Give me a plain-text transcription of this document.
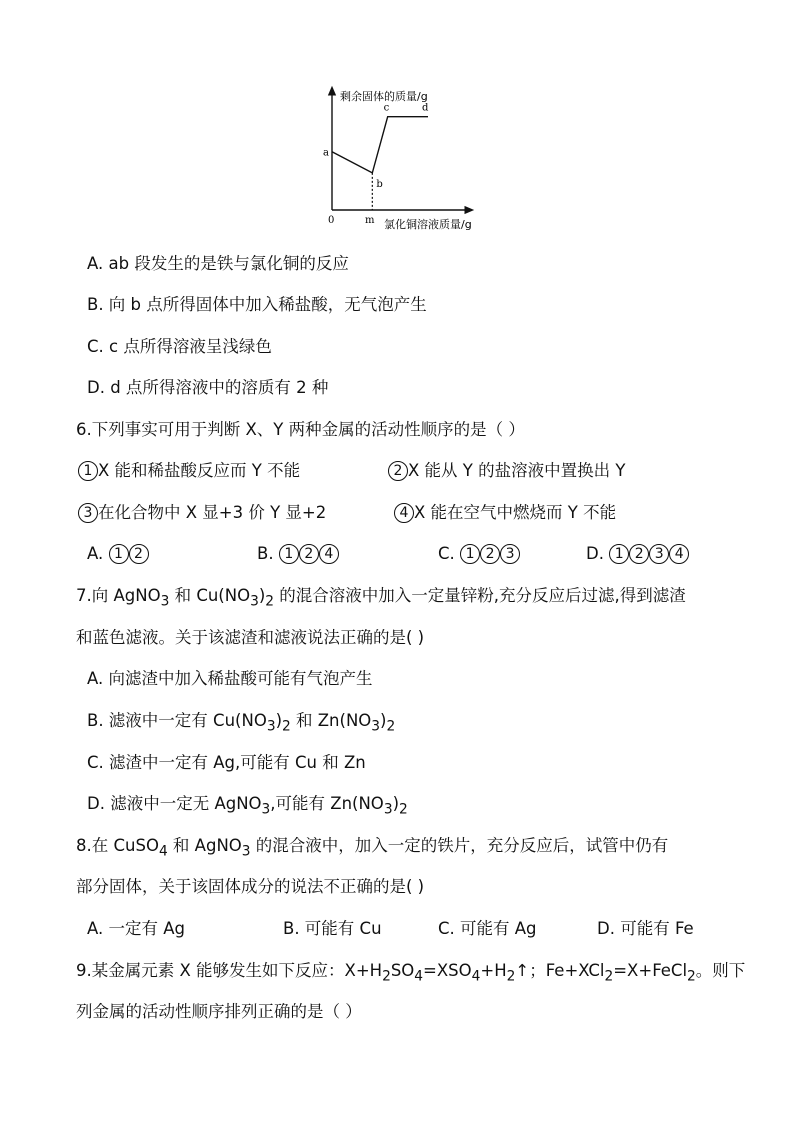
剩余固体的质量/g
氯化铜溶液质量/g
0	m
a
b
c	d
A. ab 段发生的是铁与氯化铜的反应
B. 向 b 点所得固体中加入稀盐酸，无气泡产生
C. c 点所得溶液呈浅绿色
D. d 点所得溶液中的溶质有 2 种
6.下列事实可用于判断 X、Y 两种金属的活动性顺序的是（ ）
1 X 能和稀盐酸反应而 Y 不能	2 X 能从 Y 的盐溶液中置换出 Y
3 在化合物中 X 显+3 价 Y 显+2	4 X 能在空气中燃烧而 Y 不能
A. 1 2	B. 1 2 4	C. 1 2 3	D. 1 2 3 4
7.向 AgNO$_3$ 和 $Cu(NO_3)_2$ 的混合溶液中加入一定量锌粉,充分反应后过滤,得到滤渣
和蓝色滤液。关于该滤渣和滤液说法正确的是( )
A. 向滤渣中加入稀盐酸可能有气泡产生
B. 滤液中一定有 $Cu(NO_3)_2$ 和 $Zn(NO_3)_2$
C. 滤渣中一定有 Ag,可能有 Cu 和 Zn
D. 滤液中一定无 AgNO$_3$,可能有 $Zn(NO_3)_2$
8.在 CuSO$_4$ 和 AgNO$_3$ 的混合液中，加入一定的铁片，充分反应后，试管中仍有
部分固体，关于该固体成分的说法不正确的是( )
A. 一定有 Ag	B. 可能有 Cu	C. 可能有 Ag	D. 可能有 Fe
9.某金属元素 X 能够发生如下反应：$X+H_2SO_4=XSO_4+H_2↑$；Fe+XCl$_2$=X+FeCl$_2$。则下
列金属的活动性顺序排列正确的是（ ）
